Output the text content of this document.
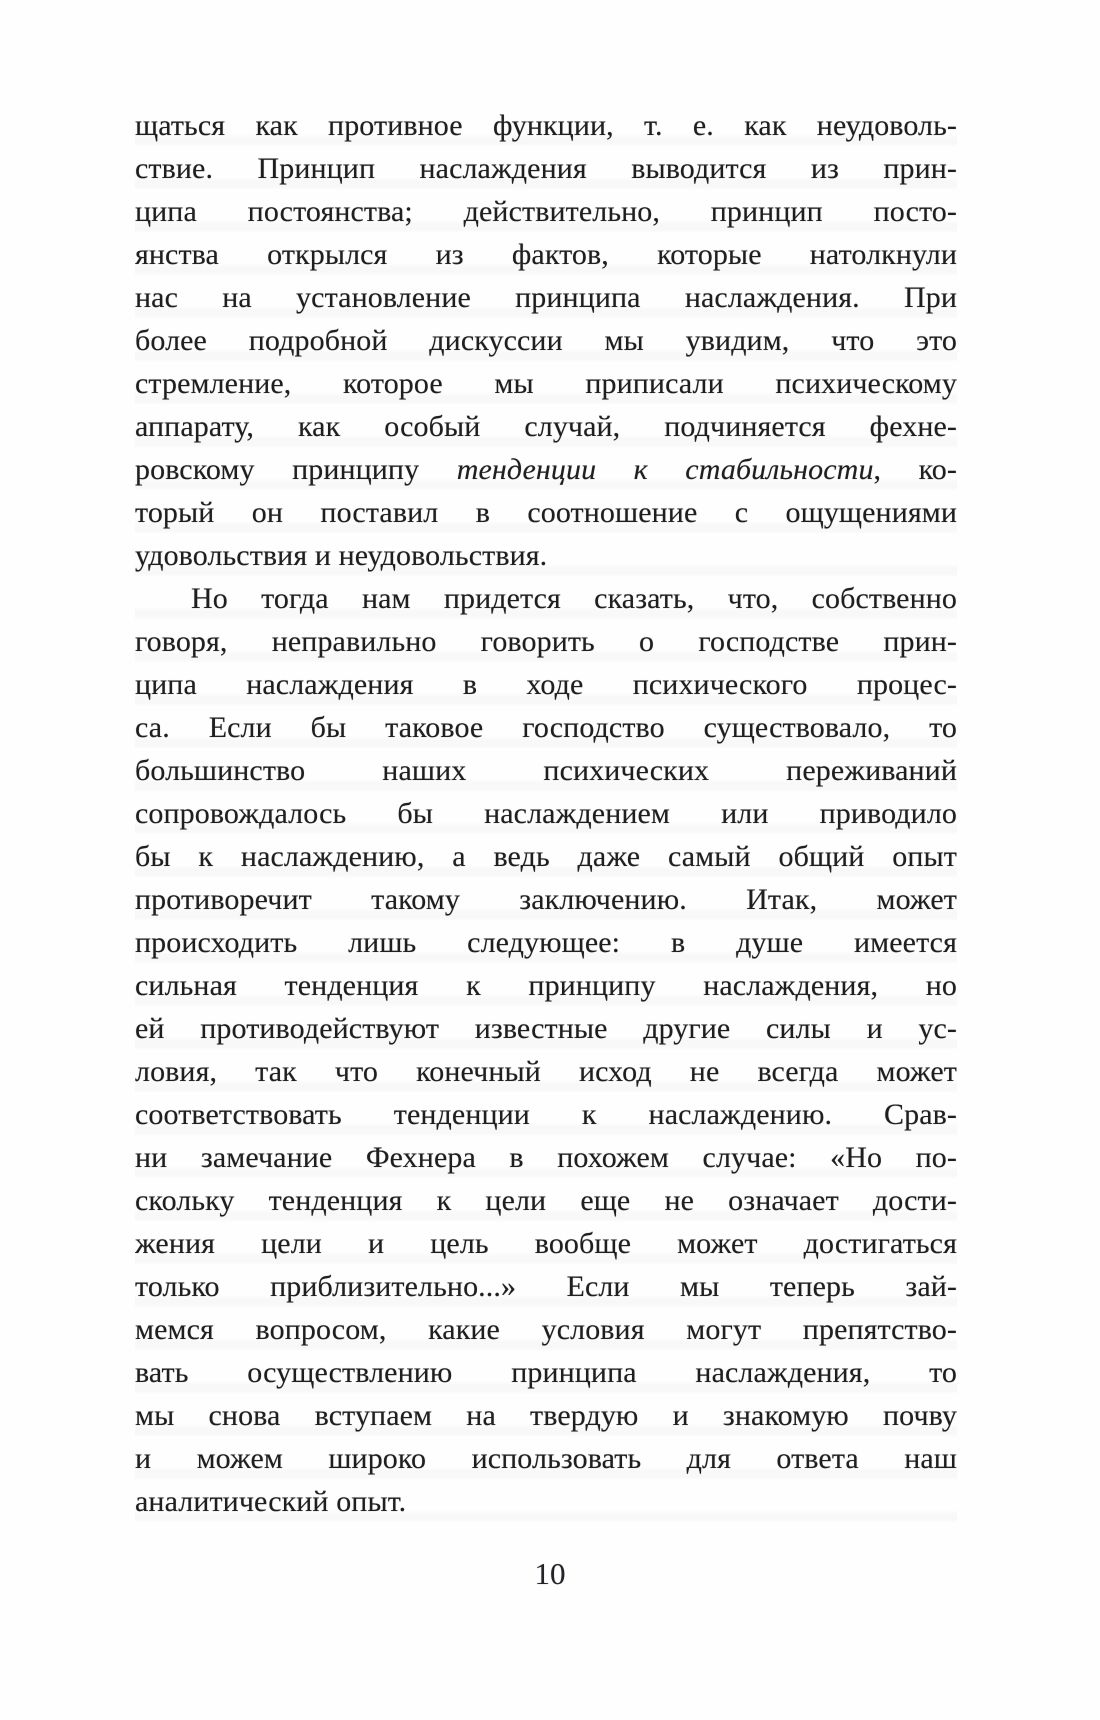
щаться как противное функции, т. е. как неудоволь-
ствие. Принцип наслаждения выводится из прин-
ципа постоянства; действительно, принцип посто-
янства открылся из фактов, которые натолкнули
нас на установление принципа наслаждения. При
более подробной дискуссии мы увидим, что это
стремление, которое мы приписали психическому
аппарату, как особый случай, подчиняется фехне-
ровскому принципу тенденции к стабильности, ко-
торый он поставил в соотношение с ощущениями
удовольствия и неудовольствия.
Но тогда нам придется сказать, что, собственно
говоря, неправильно говорить о господстве прин-
ципа наслаждения в ходе психического процес-
са. Если бы таковое господство существовало, то
большинство наших психических переживаний
сопровождалось бы наслаждением или приводило
бы к наслаждению, а ведь даже самый общий опыт
противоречит такому заключению. Итак, может
происходить лишь следующее: в душе имеется
сильная тенденция к принципу наслаждения, но
ей противодействуют известные другие силы и ус-
ловия, так что конечный исход не всегда может
соответствовать тенденции к наслаждению. Срав-
ни замечание Фехнера в похожем случае: «Но по-
скольку тенденция к цели еще не означает дости-
жения цели и цель вообще может достигаться
только приблизительно...» Если мы теперь зай-
мемся вопросом, какие условия могут препятство-
вать осуществлению принципа наслаждения, то
мы снова вступаем на твердую и знакомую почву
и можем широко использовать для ответа наш
аналитический опыт.
10
